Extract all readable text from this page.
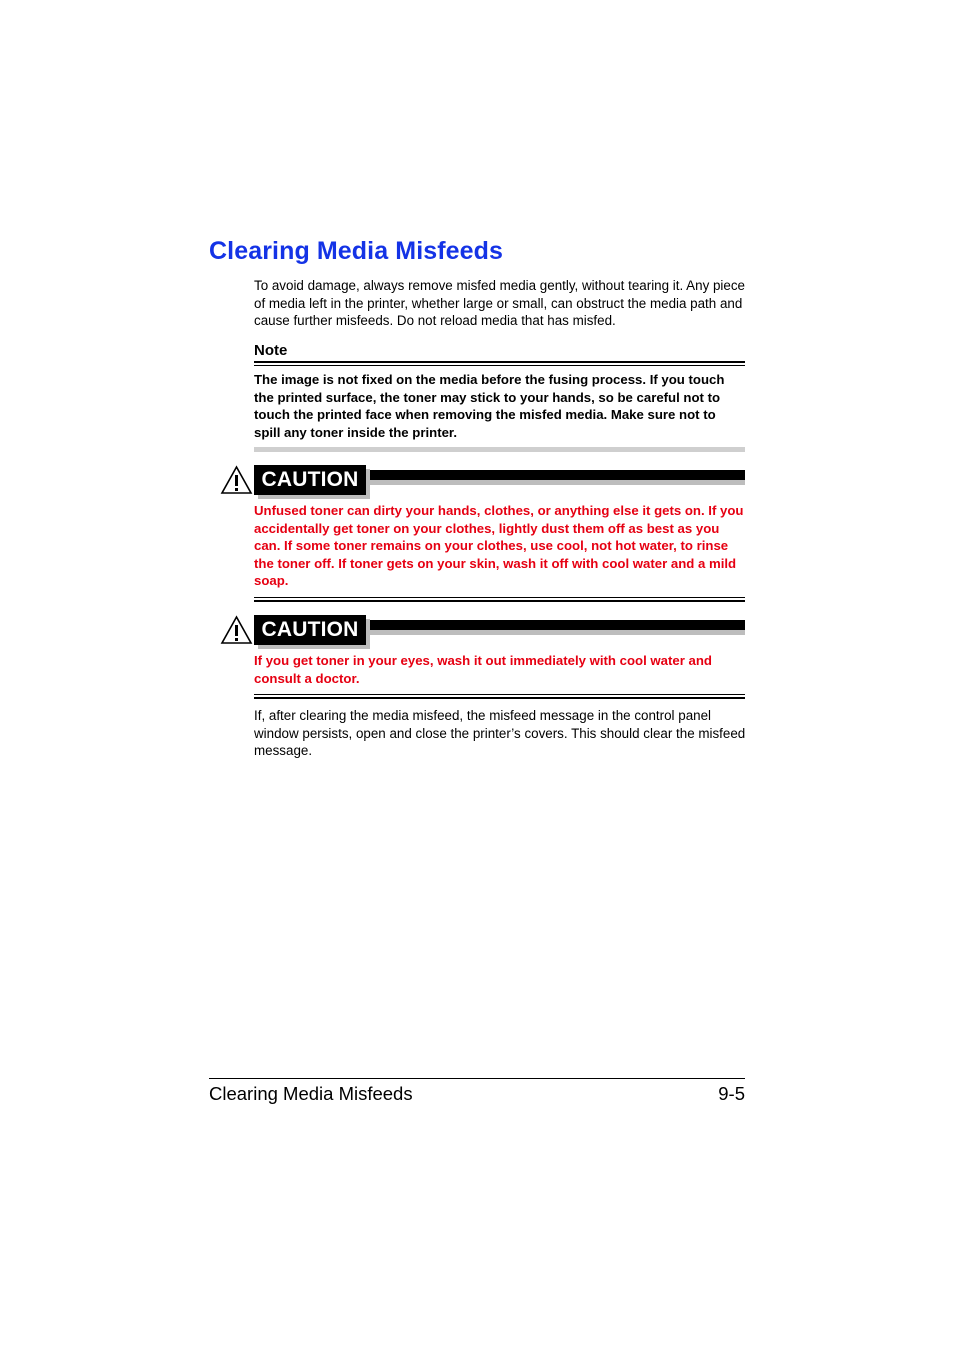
Clearing Media Misfeeds

To avoid damage, always remove misfed media gently, without tearing it. Any piece of media left in the printer, whether large or small, can obstruct the media path and cause further misfeeds. Do not reload media that has misfed.

Note
The image is not fixed on the media before the fusing process. If you touch the printed surface, the toner may stick to your hands, so be careful not to touch the printed face when removing the misfed media. Make sure not to spill any toner inside the printer.
CAUTION

Unfused toner can dirty your hands, clothes, or anything else it gets on. If you accidentally get toner on your clothes, lightly dust them off as best as you can. If some toner remains on your clothes, use cool, not hot water, to rinse the toner off. If toner gets on your skin, wash it off with cool water and a mild soap.

CAUTION

If you get toner in your eyes, wash it out immediately with cool water and consult a doctor.

If, after clearing the media misfeed, the misfeed message in the control panel window persists, open and close the printer’s covers. This should clear the misfeed message.

Clearing Media Misfeeds	9-5
